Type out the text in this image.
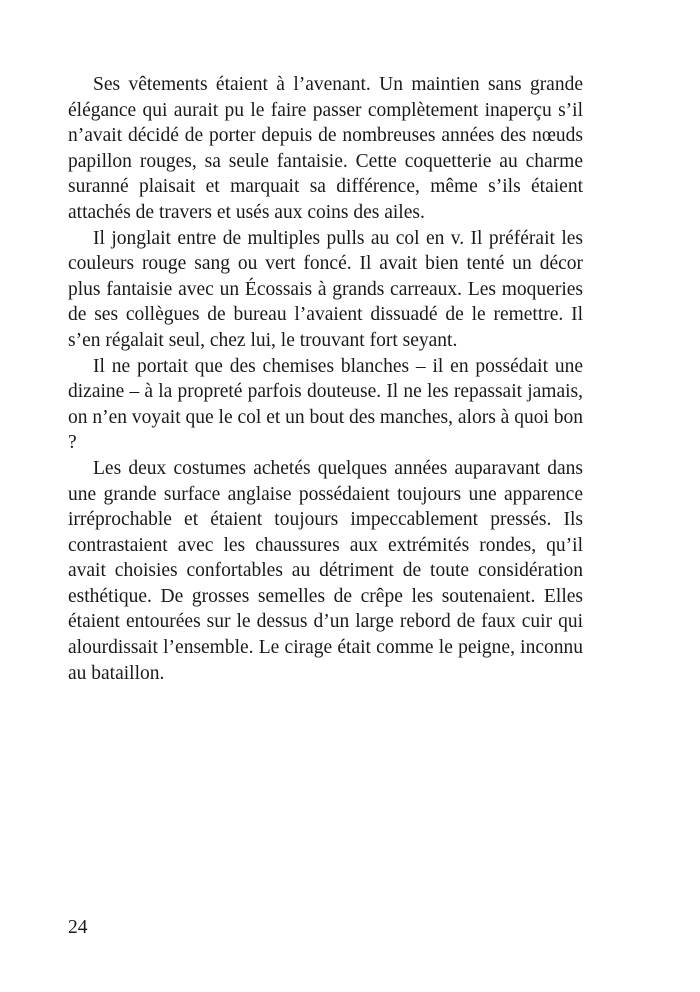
Ses vêtements étaient à l’avenant. Un maintien sans grande élégance qui aurait pu le faire passer complètement inaperçu s’il n’avait décidé de porter depuis de nombreuses années des nœuds papillon rouges, sa seule fantaisie. Cette coquetterie au charme suranné plaisait et marquait sa différence, même s’ils étaient attachés de travers et usés aux coins des ailes.

Il jonglait entre de multiples pulls au col en v. Il préférait les couleurs rouge sang ou vert foncé. Il avait bien tenté un décor plus fantaisie avec un Écossais à grands carreaux. Les moqueries de ses collègues de bureau l’avaient dissuadé de le remettre. Il s’en régalait seul, chez lui, le trouvant fort seyant.

Il ne portait que des chemises blanches – il en possédait une dizaine – à la propreté parfois douteuse. Il ne les repassait jamais, on n’en voyait que le col et un bout des manches, alors à quoi bon ?

Les deux costumes achetés quelques années auparavant dans une grande surface anglaise possédaient toujours une apparence irréprochable et étaient toujours impeccablement pressés. Ils contrastaient avec les chaussures aux extrémités rondes, qu’il avait choisies confortables au détriment de toute considération esthétique. De grosses semelles de crêpe les soutenaient. Elles étaient entourées sur le dessus d’un large rebord de faux cuir qui alourdissait l’ensemble. Le cirage était comme le peigne, inconnu au bataillon.

24
